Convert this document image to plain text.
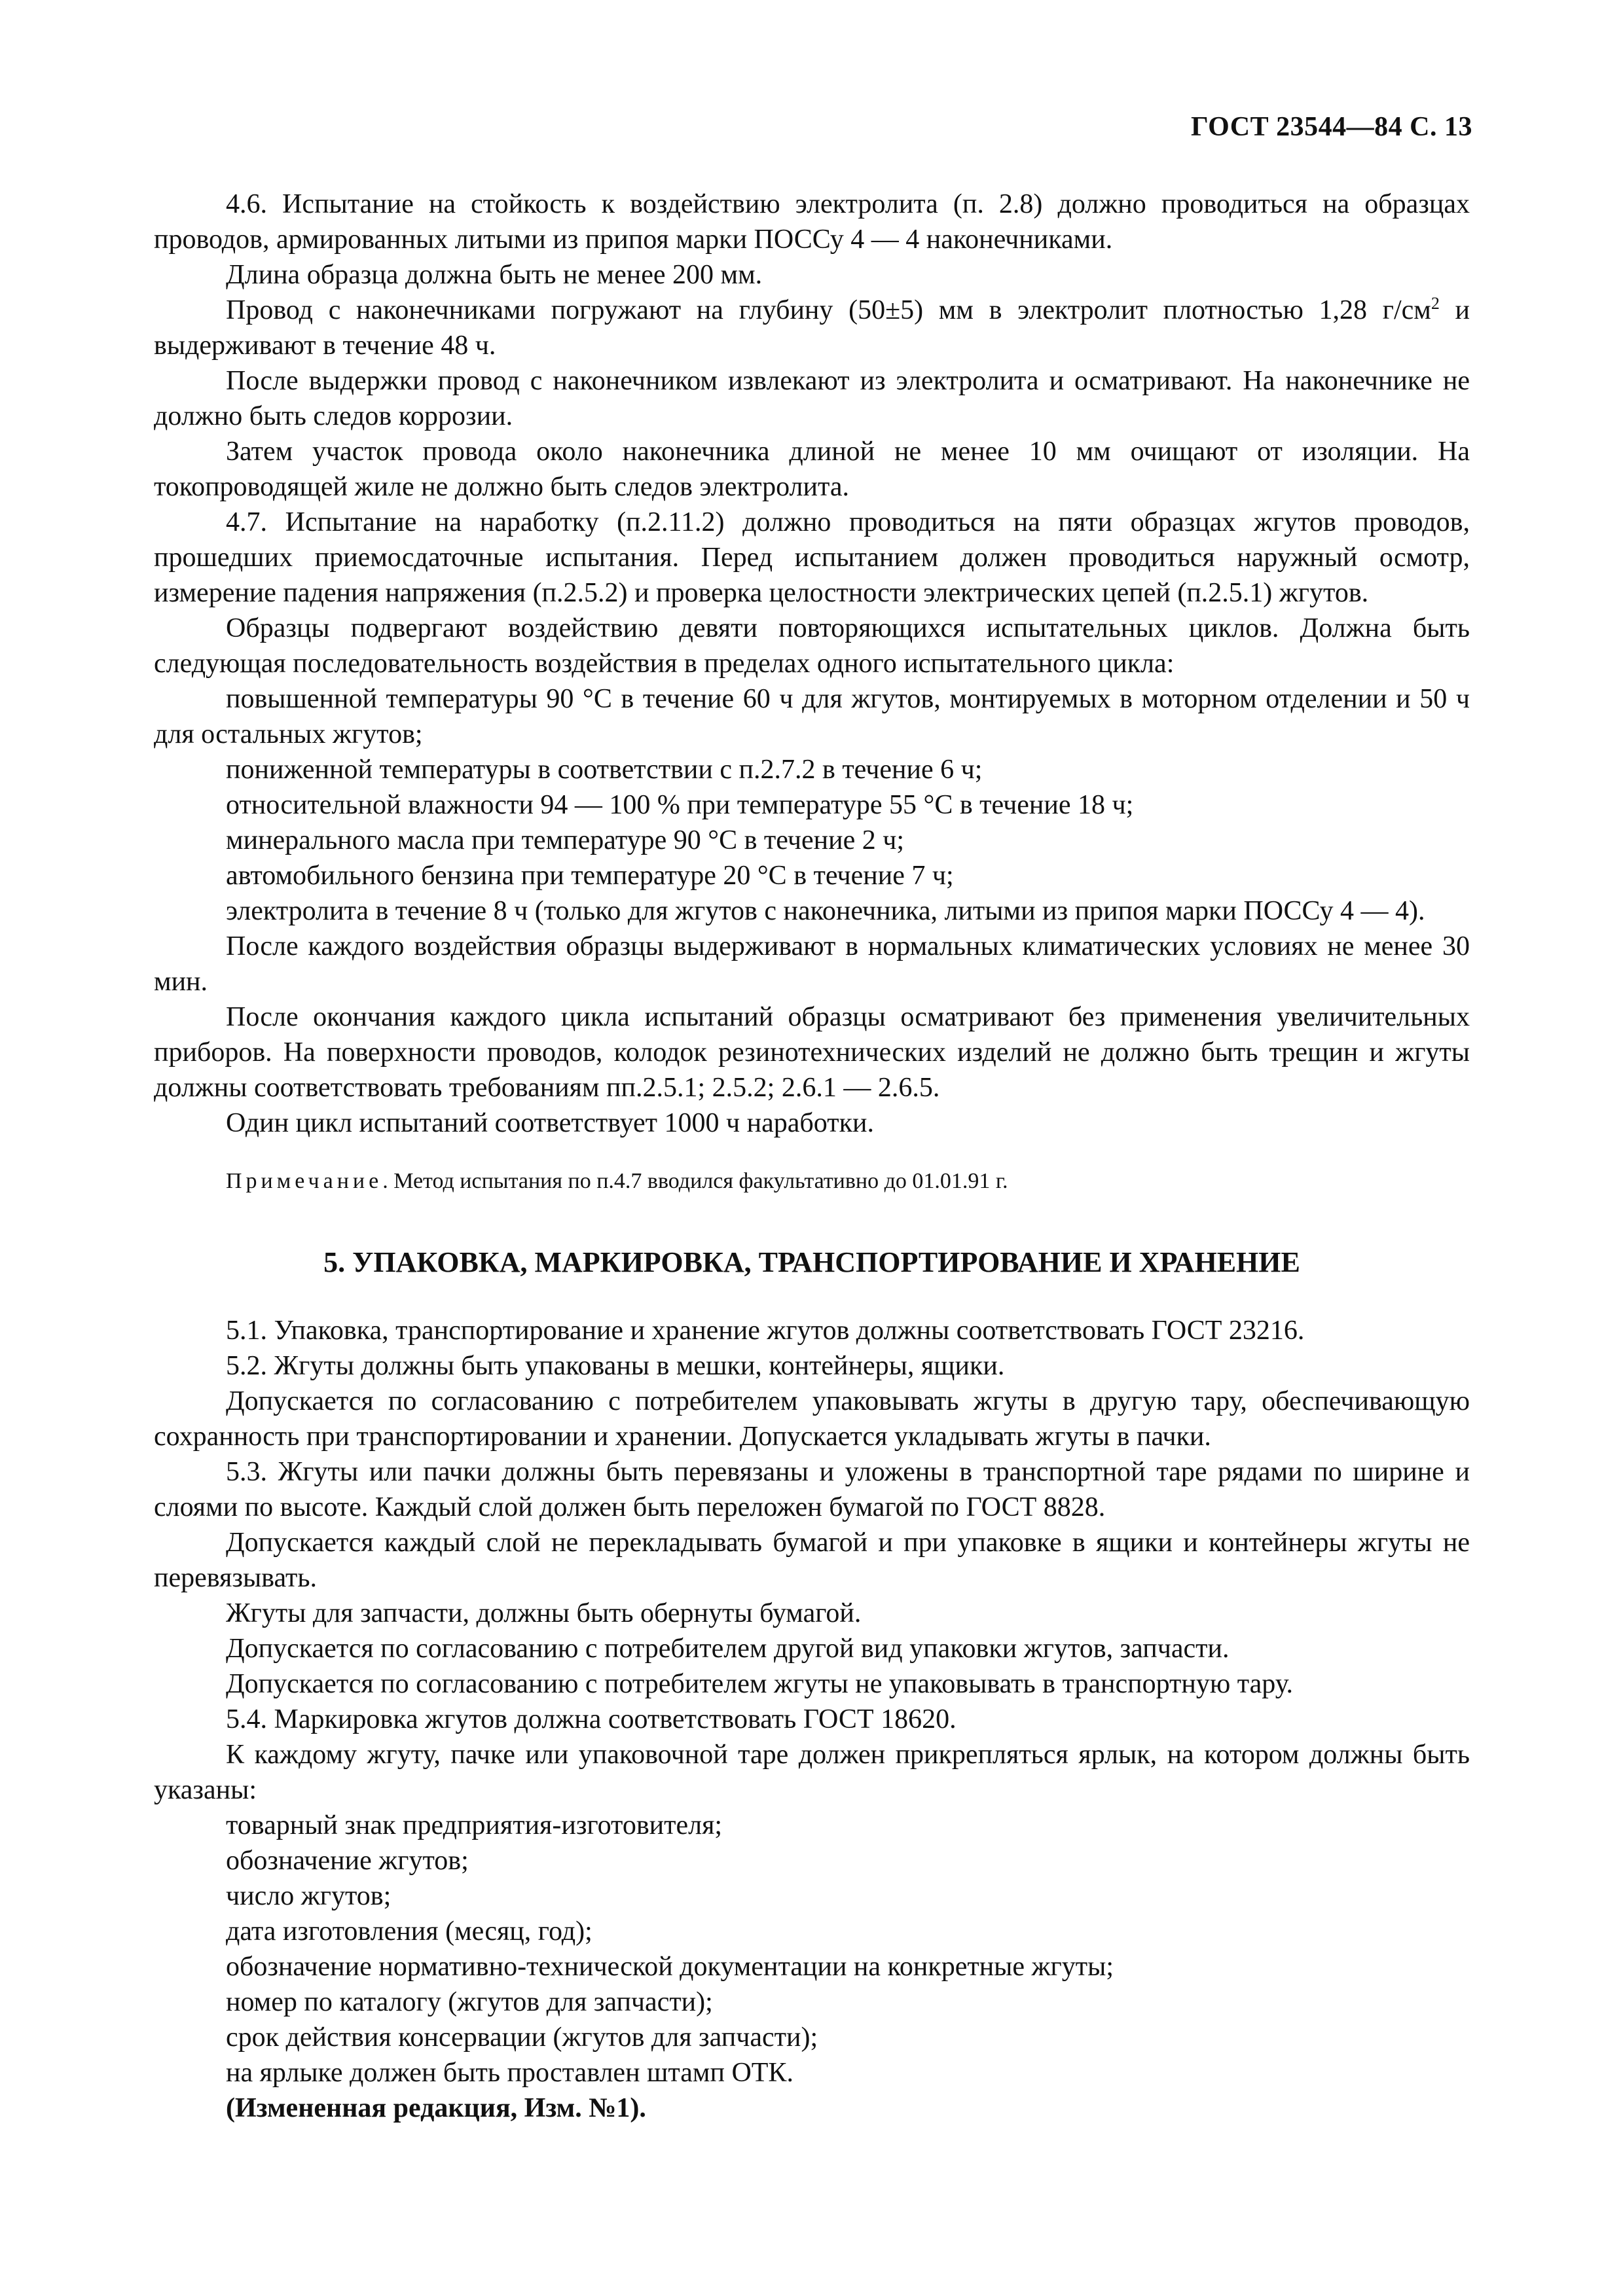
ГОСТ 23544—84 С. 13

4.6. Испытание на стойкость к воздействию электролита (п. 2.8) должно проводиться на образцах проводов, армированных литыми из припоя марки ПОССу 4 — 4 наконечниками.

Длина образца должна быть не менее 200 мм.

Провод с наконечниками погружают на глубину (50±5) мм в электролит плотностью 1,28 $г/см^2$ и выдерживают в течение 48 ч.

После выдержки провод с наконечником извлекают из электролита и осматривают. На наконечнике не должно быть следов коррозии.

Затем участок провода около наконечника длиной не менее 10 мм очищают от изоляции. На токопроводящей жиле не должно быть следов электролита.

4.7. Испытание на наработку (п.2.11.2) должно проводиться на пяти образцах жгутов проводов, прошедших приемосдаточные испытания. Перед испытанием должен проводиться наружный осмотр, измерение падения напряжения (п.2.5.2) и проверка целостности электрических цепей (п.2.5.1) жгутов.

Образцы подвергают воздействию девяти повторяющихся испытательных циклов. Должна быть следующая последовательность воздействия в пределах одного испытательного цикла:

повышенной температуры 90 °С в течение 60 ч для жгутов, монтируемых в моторном отделении и 50 ч для остальных жгутов;

пониженной температуры в соответствии с п.2.7.2 в течение 6 ч;

относительной влажности 94 — 100 % при температуре 55 °С в течение 18 ч;

минерального масла при температуре 90 °С в течение 2 ч;

автомобильного бензина при температуре 20 °С в течение 7 ч;

электролита в течение 8 ч (только для жгутов с наконечника, литыми из припоя марки ПОССу 4 — 4).

После каждого воздействия образцы выдерживают в нормальных климатических условиях не менее 30 мин.

После окончания каждого цикла испытаний образцы осматривают без применения увеличительных приборов. На поверхности проводов, колодок резинотехнических изделий не должно быть трещин и жгуты должны соответствовать требованиям пп.2.5.1; 2.5.2; 2.6.1 — 2.6.5.

Один цикл испытаний соответствует 1000 ч наработки.

Примечание. Метод испытания по п.4.7 вводился факультативно до 01.01.91 г.

5. УПАКОВКА, МАРКИРОВКА, ТРАНСПОРТИРОВАНИЕ И ХРАНЕНИЕ

5.1. Упаковка, транспортирование и хранение жгутов должны соответствовать ГОСТ 23216.

5.2. Жгуты должны быть упакованы в мешки, контейнеры, ящики.

Допускается по согласованию с потребителем упаковывать жгуты в другую тару, обеспечивающую сохранность при транспортировании и хранении. Допускается укладывать жгуты в пачки.

5.3. Жгуты или пачки должны быть перевязаны и уложены в транспортной таре рядами по ширине и слоями по высоте. Каждый слой должен быть переложен бумагой по ГОСТ 8828.

Допускается каждый слой не перекладывать бумагой и при упаковке в ящики и контейнеры жгуты не перевязывать.

Жгуты для запчасти, должны быть обернуты бумагой.

Допускается по согласованию с потребителем другой вид упаковки жгутов, запчасти.

Допускается по согласованию с потребителем жгуты не упаковывать в транспортную тару.

5.4. Маркировка жгутов должна соответствовать ГОСТ 18620.

К каждому жгуту, пачке или упаковочной таре должен прикрепляться ярлык, на котором должны быть указаны:

товарный знак предприятия-изготовителя;

обозначение жгутов;

число жгутов;

дата изготовления (месяц, год);

обозначение нормативно-технической документации на конкретные жгуты;

номер по каталогу (жгутов для запчасти);

срок действия консервации (жгутов для запчасти);

на ярлыке должен быть проставлен штамп ОТК.

(Измененная редакция, Изм. №1).
